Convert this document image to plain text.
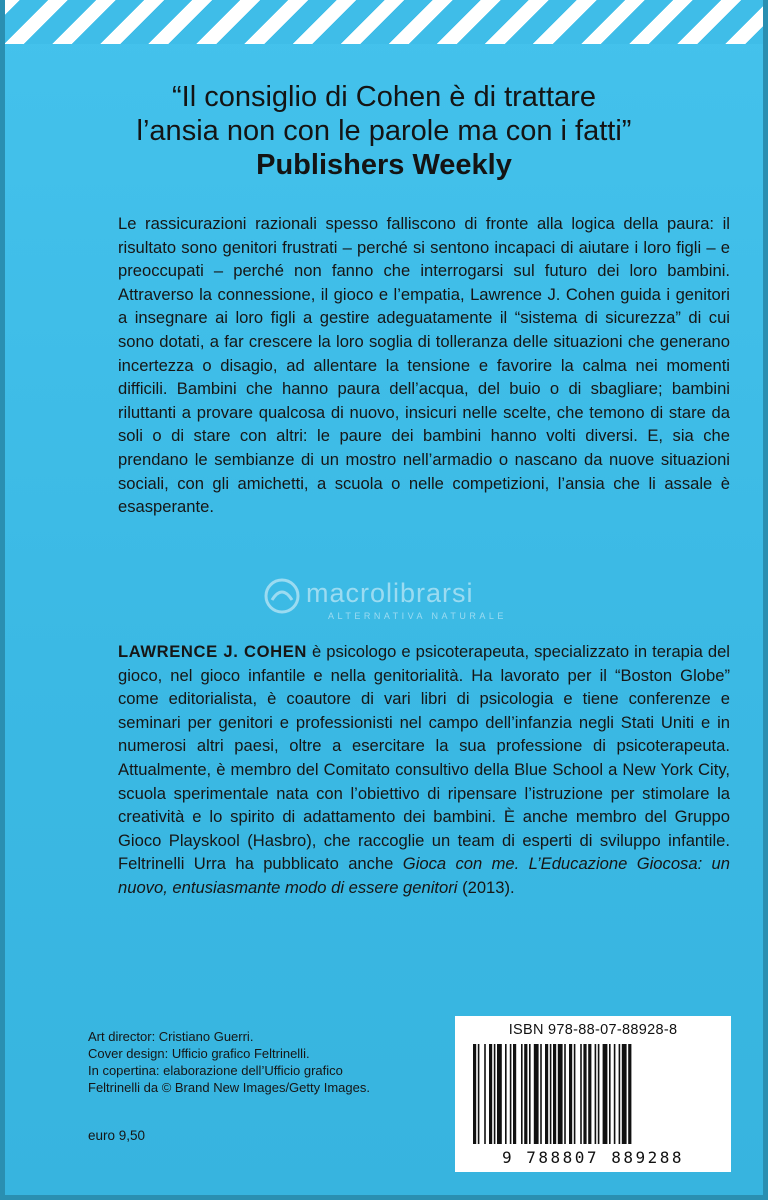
“Il consiglio di Cohen è di trattare
l’ansia non con le parole ma con i fatti”
Publishers Weekly

Le rassicurazioni razionali spesso falliscono di fronte alla logica della paura: il risultato sono genitori frustrati – perché si sentono incapaci di aiutare i loro figli – e preoccupati – perché non fanno che interrogarsi sul futuro dei loro bambini. Attraverso la connessione, il gioco e l’empatia, Lawrence J. Cohen guida i genitori a insegnare ai loro figli a gestire adeguatamente il “sistema di sicurezza” di cui sono dotati, a far crescere la loro soglia di tolleranza delle situazioni che generano incertezza o disagio, ad allentare la tensione e favorire la calma nei momenti difficili. Bambini che hanno paura dell’acqua, del buio o di sbagliare; bambini riluttanti a provare qualcosa di nuovo, insicuri nelle scelte, che temono di stare da soli o di stare con altri: le paure dei bambini hanno volti diversi. E, sia che prendano le sembianze di un mostro nell’armadio o nascano da nuove situazioni sociali, con gli amichetti, a scuola o nelle competizioni, l’ansia che li assale è esasperante.

LAWRENCE J. COHEN è psicologo e psicoterapeuta, specializzato in terapia del gioco, nel gioco infantile e nella genitorialità. Ha lavorato per il “Boston Globe” come editorialista, è coautore di vari libri di psicologia e tiene conferenze e seminari per genitori e professionisti nel campo dell’infanzia negli Stati Uniti e in numerosi altri paesi, oltre a esercitare la sua professione di psicoterapeuta. Attualmente, è membro del Comitato consultivo della Blue School a New York City, scuola sperimentale nata con l’obiettivo di ripensare l’istruzione per stimolare la creatività e lo spirito di adattamento dei bambini. È anche membro del Gruppo Gioco Playskool (Hasbro), che raccoglie un team di esperti di sviluppo infantile. Feltrinelli Urra ha pubblicato anche Gioca con me. L’Educazione Giocosa: un nuovo, entusiasmante modo di essere genitori (2013).

macrolibrarsi
ALTERNATIVA NATURALE
Art director: Cristiano Guerri.
Cover design: Ufficio grafico Feltrinelli.
In copertina: elaborazione dell’Ufficio grafico
Feltrinelli da © Brand New Images/Getty Images.
euro 9,50
ISBN 978-88-07-88928-8
9 788807 889288
